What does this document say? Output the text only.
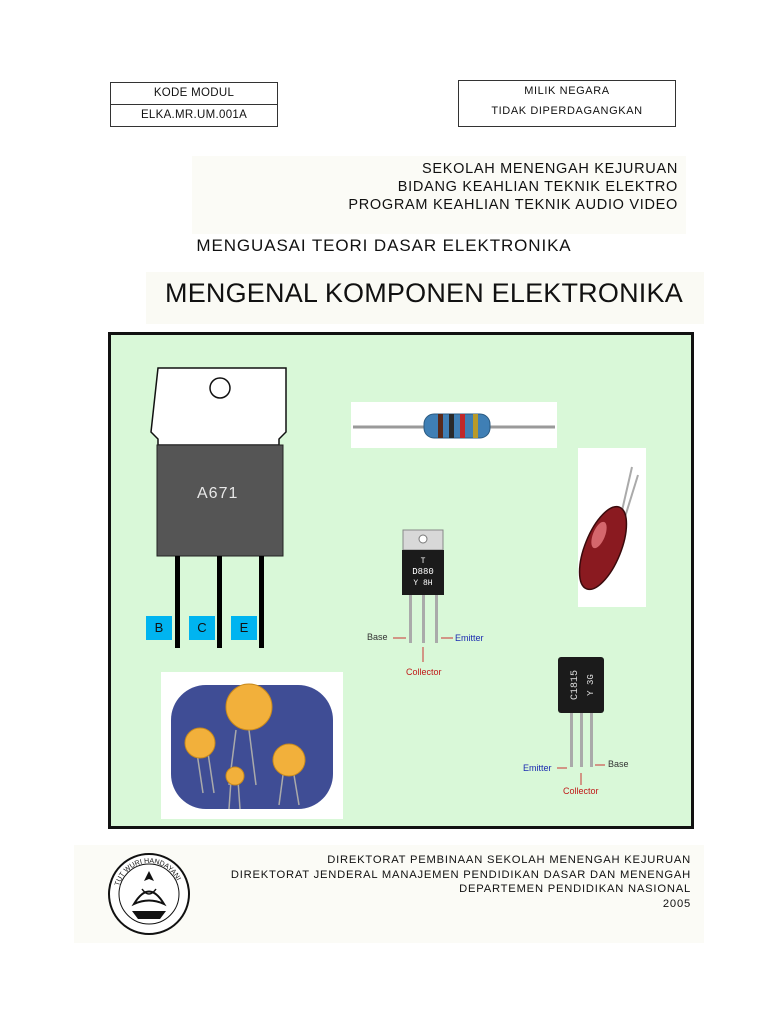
KODE MODUL
ELKA.MR.UM.001A
MILIK NEGARA
TIDAK DIPERDAGANGKAN
SEKOLAH MENENGAH KEJURUAN
BIDANG KEAHLIAN TEKNIK ELEKTRO
PROGRAM KEAHLIAN TEKNIK AUDIO VIDEO
MENGUASAI TEORI DASAR ELEKTRONIKA
MENGENAL KOMPONEN ELEKTRONIKA
T
D880
Y 8H
C1815 Y 3G
B	C	E
A671
Base	Emitter
Collector
Emitter	Base
Collector
TUT WURI HANDAYANI
DIREKTORAT PEMBINAAN SEKOLAH MENENGAH KEJURUAN
DIREKTORAT JENDERAL MANAJEMEN PENDIDIKAN DASAR DAN MENENGAH
DEPARTEMEN PENDIDIKAN NASIONAL
2005
